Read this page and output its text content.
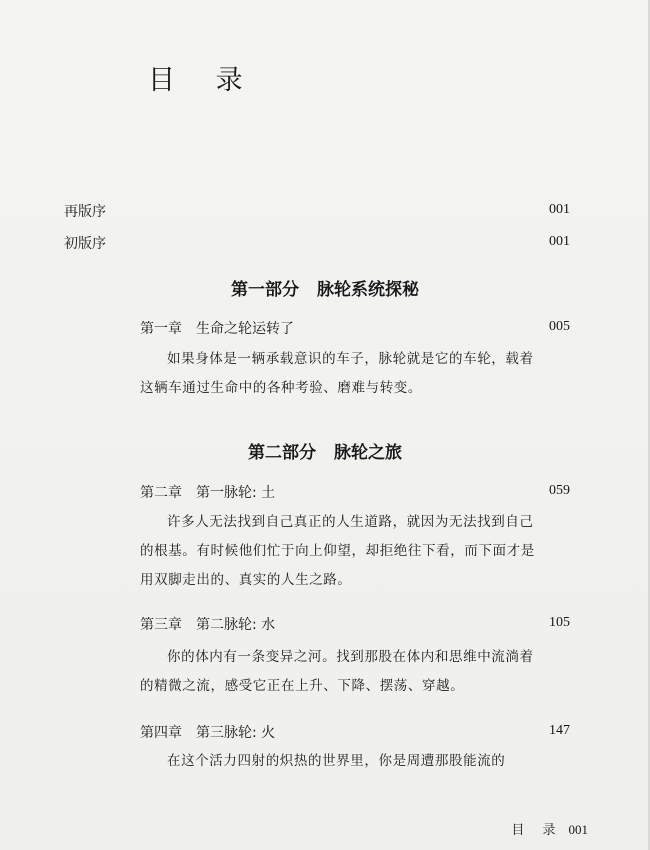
目 录
再版序	001
初版序	001
第一部分 脉轮系统探秘
第一章 生命之轮运转了	005
如果身体是一辆承载意识的车子，脉轮就是它的车轮，载着这辆车通过生命中的各种考验、磨难与转变。
第二部分 脉轮之旅
第二章 第一脉轮: 土	059
许多人无法找到自己真正的人生道路，就因为无法找到自己的根基。有时候他们忙于向上仰望，却拒绝往下看，而下面才是用双脚走出的、真实的人生之路。
第三章 第二脉轮: 水	105
你的体内有一条变异之河。找到那股在体内和思维中流淌着的精微之流，感受它正在上升、下降、摆荡、穿越。
第四章 第三脉轮: 火	147
在这个活力四射的炽热的世界里，你是周遭那股能流的
目 录 001
